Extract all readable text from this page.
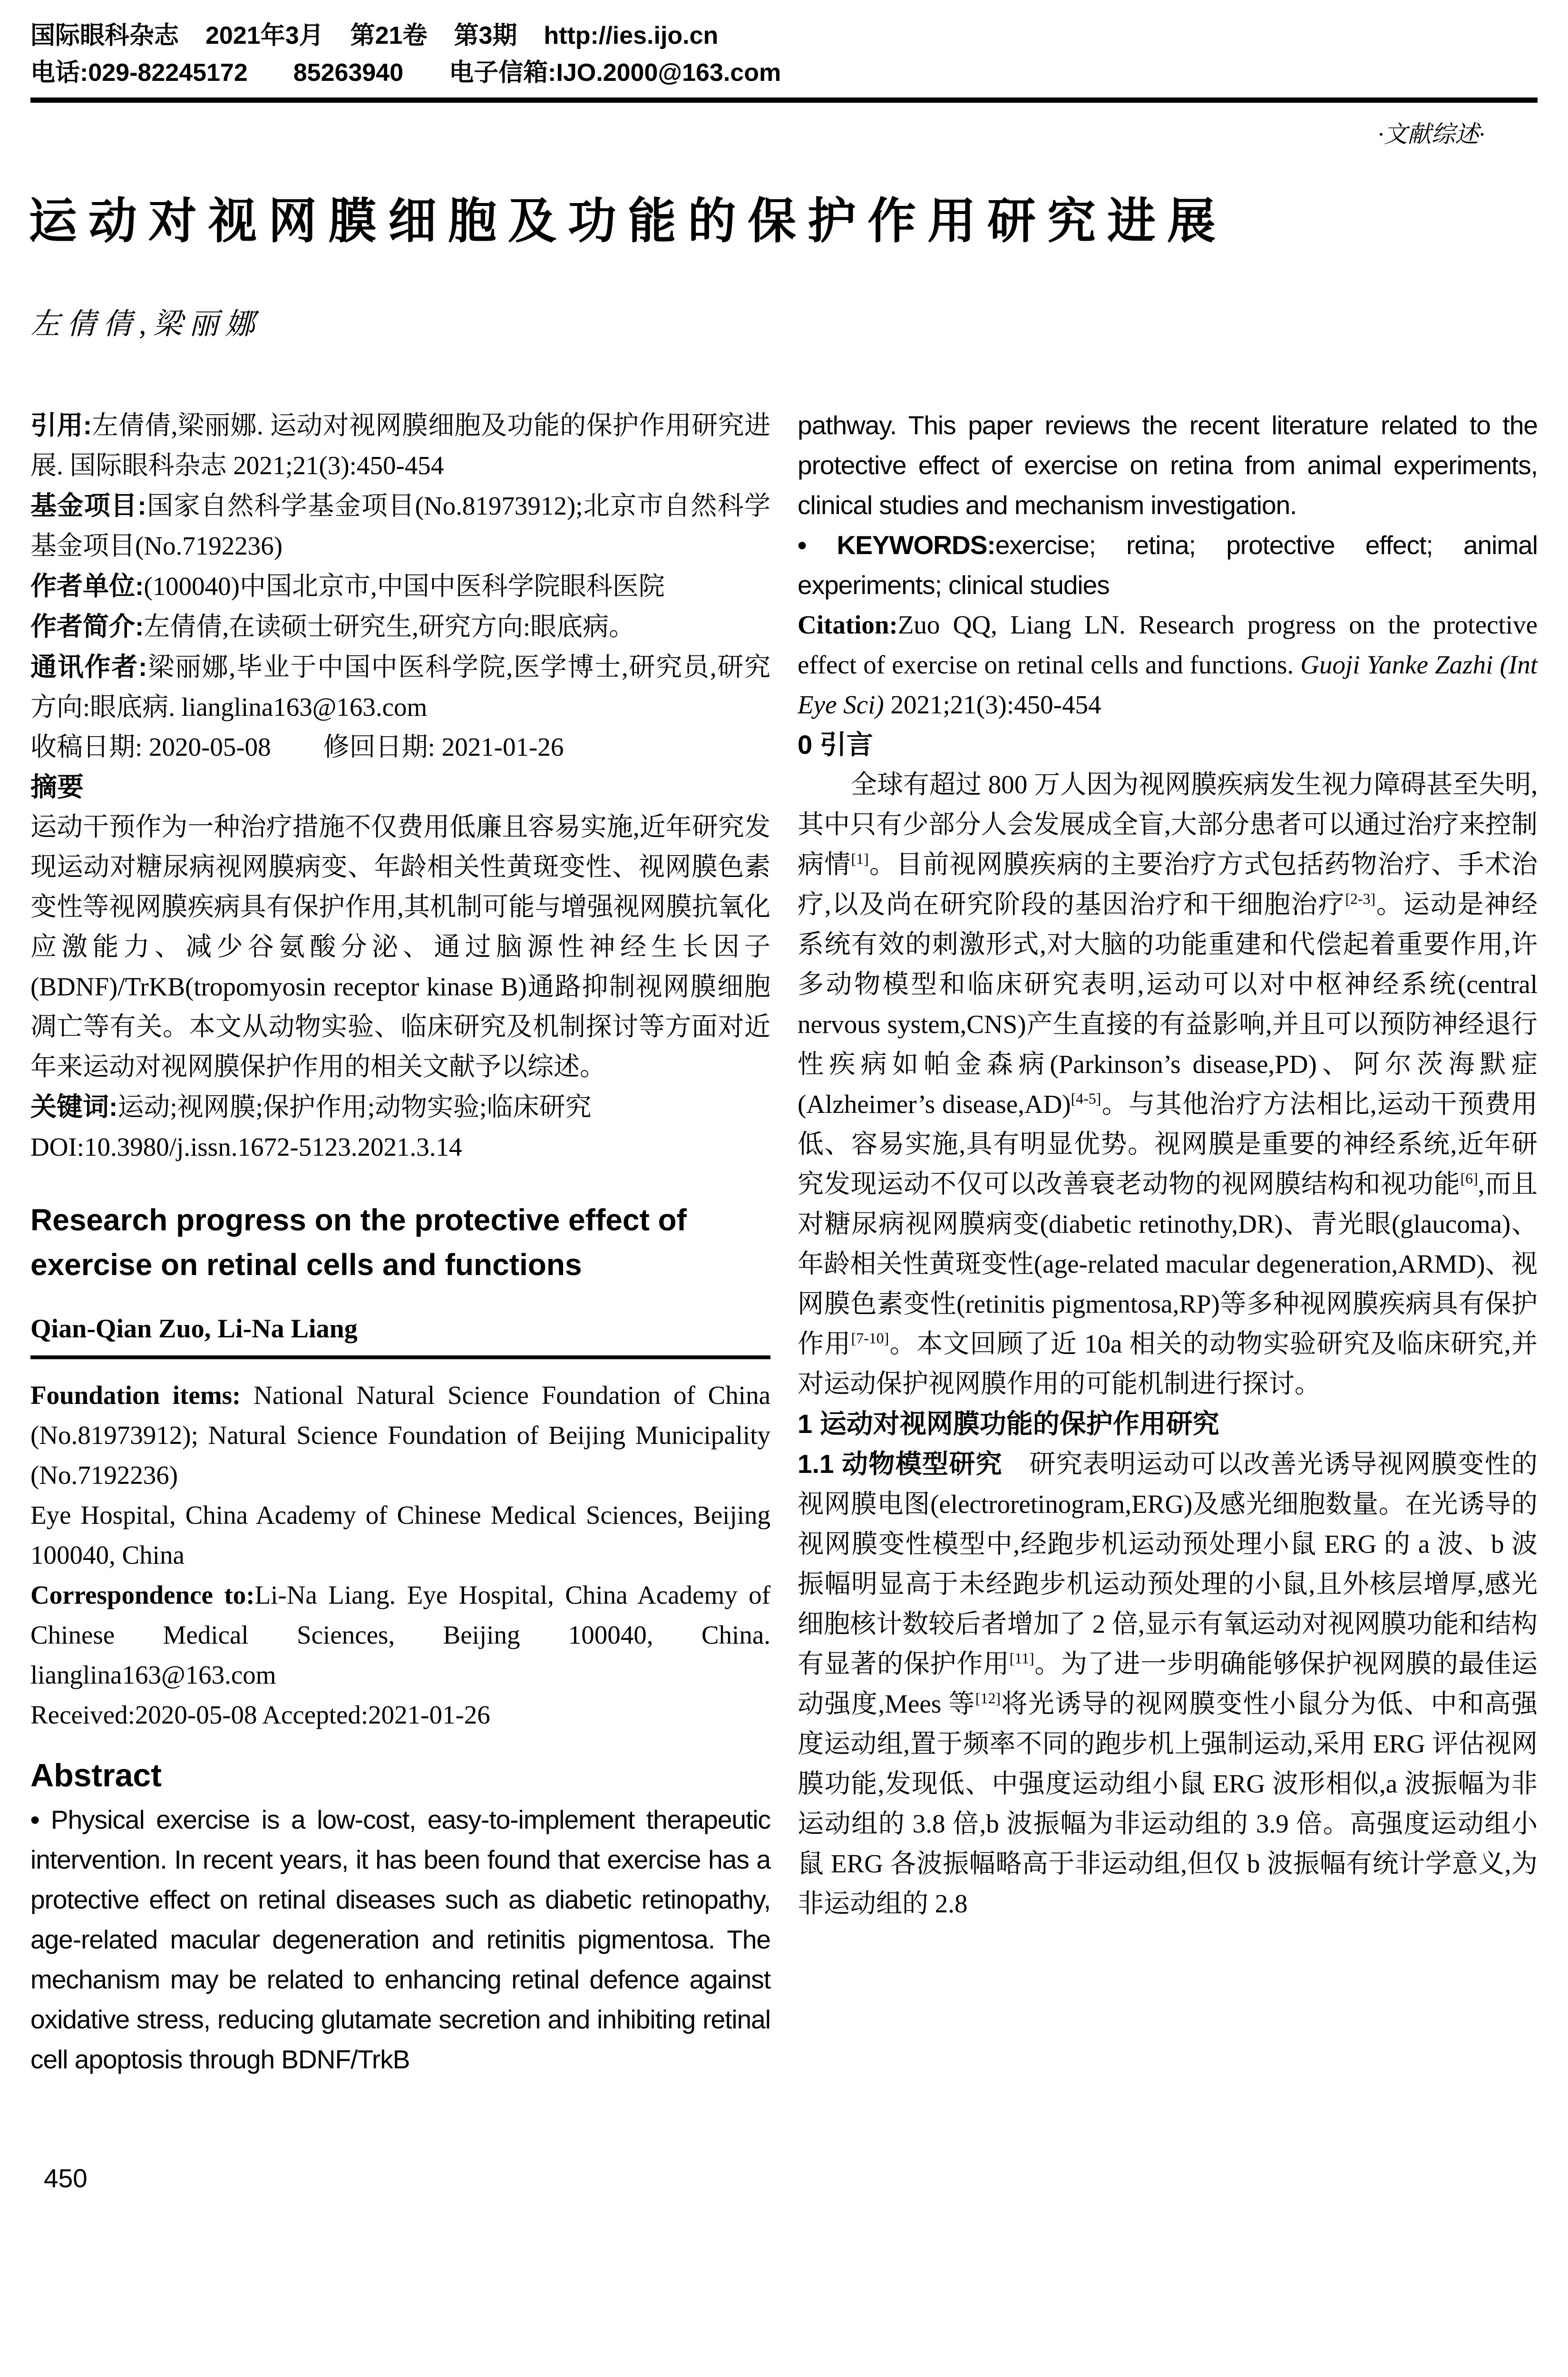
国际眼科杂志 2021年3月 第21卷 第3期 http://ies.ijo.cn
电话:029-82245172 85263940 电子信箱:IJO.2000@163.com
·文献综述·
运动对视网膜细胞及功能的保护作用研究进展
左倩倩,梁丽娜

引用:左倩倩,梁丽娜. 运动对视网膜细胞及功能的保护作用研究进展. 国际眼科杂志 2021;21(3):450-454

基金项目:国家自然科学基金项目(No.81973912);北京市自然科学基金项目(No.7192236)

作者单位:(100040)中国北京市,中国中医科学院眼科医院

作者简介:左倩倩,在读硕士研究生,研究方向:眼底病。

通讯作者:梁丽娜,毕业于中国中医科学院,医学博士,研究员,研究方向:眼底病. lianglina163@163.com

收稿日期: 2020-05-08　　修回日期: 2021-01-26

摘要

运动干预作为一种治疗措施不仅费用低廉且容易实施,近年研究发现运动对糖尿病视网膜病变、年龄相关性黄斑变性、视网膜色素变性等视网膜疾病具有保护作用,其机制可能与增强视网膜抗氧化应激能力、减少谷氨酸分泌、通过脑源性神经生长因子(BDNF)/TrKB(tropomyosin receptor kinase B)通路抑制视网膜细胞凋亡等有关。本文从动物实验、临床研究及机制探讨等方面对近年来运动对视网膜保护作用的相关文献予以综述。

关键词:运动;视网膜;保护作用;动物实验;临床研究

DOI:10.3980/j.issn.1672-5123.2021.3.14

Research progress on the protective effect of exercise on retinal cells and functions
Qian-Qian Zuo, Li-Na Liang

Foundation items: National Natural Science Foundation of China (No.81973912); Natural Science Foundation of Beijing Municipality (No.7192236)

Eye Hospital, China Academy of Chinese Medical Sciences, Beijing 100040, China

Correspondence to:Li-Na Liang. Eye Hospital, China Academy of Chinese Medical Sciences, Beijing 100040, China. lianglina163@163.com

Received:2020-05-08 Accepted:2021-01-26

Abstract

• Physical exercise is a low-cost, easy-to-implement therapeutic intervention. In recent years, it has been found that exercise has a protective effect on retinal diseases such as diabetic retinopathy, age-related macular degeneration and retinitis pigmentosa. The mechanism may be related to enhancing retinal defence against oxidative stress, reducing glutamate secretion and inhibiting retinal cell apoptosis through BDNF/TrkB

450

pathway. This paper reviews the recent literature related to the protective effect of exercise on retina from animal experiments, clinical studies and mechanism investigation.

• KEYWORDS:exercise; retina; protective effect; animal experiments; clinical studies

Citation:Zuo QQ, Liang LN. Research progress on the protective effect of exercise on retinal cells and functions. Guoji Yanke Zazhi (Int Eye Sci) 2021;21(3):450-454

0 引言

全球有超过 800 万人因为视网膜疾病发生视力障碍甚至失明,其中只有少部分人会发展成全盲,大部分患者可以通过治疗来控制病情[1]。目前视网膜疾病的主要治疗方式包括药物治疗、手术治疗,以及尚在研究阶段的基因治疗和干细胞治疗[2-3]。运动是神经系统有效的刺激形式,对大脑的功能重建和代偿起着重要作用,许多动物模型和临床研究表明,运动可以对中枢神经系统(central nervous system,CNS)产生直接的有益影响,并且可以预防神经退行性疾病如帕金森病(Parkinson’s disease,PD)、阿尔茨海默症(Alzheimer’s disease,AD)[4-5]。与其他治疗方法相比,运动干预费用低、容易实施,具有明显优势。视网膜是重要的神经系统,近年研究发现运动不仅可以改善衰老动物的视网膜结构和视功能[6],而且对糖尿病视网膜病变(diabetic retinothy,DR)、青光眼(glaucoma)、年龄相关性黄斑变性(age-related macular degeneration,ARMD)、视网膜色素变性(retinitis pigmentosa,RP)等多种视网膜疾病具有保护作用[7-10]。本文回顾了近 10a 相关的动物实验研究及临床研究,并对运动保护视网膜作用的可能机制进行探讨。

1 运动对视网膜功能的保护作用研究

1.1 动物模型研究　研究表明运动可以改善光诱导视网膜变性的视网膜电图(electroretinogram,ERG)及感光细胞数量。在光诱导的视网膜变性模型中,经跑步机运动预处理小鼠 ERG 的 a 波、b 波振幅明显高于未经跑步机运动预处理的小鼠,且外核层增厚,感光细胞核计数较后者增加了 2 倍,显示有氧运动对视网膜功能和结构有显著的保护作用[11]。为了进一步明确能够保护视网膜的最佳运动强度,Mees 等[12]将光诱导的视网膜变性小鼠分为低、中和高强度运动组,置于频率不同的跑步机上强制运动,采用 ERG 评估视网膜功能,发现低、中强度运动组小鼠 ERG 波形相似,a 波振幅为非运动组的 3.8 倍,b 波振幅为非运动组的 3.9 倍。高强度运动组小鼠 ERG 各波振幅略高于非运动组,但仅 b 波振幅有统计学意义,为非运动组的 2.8
